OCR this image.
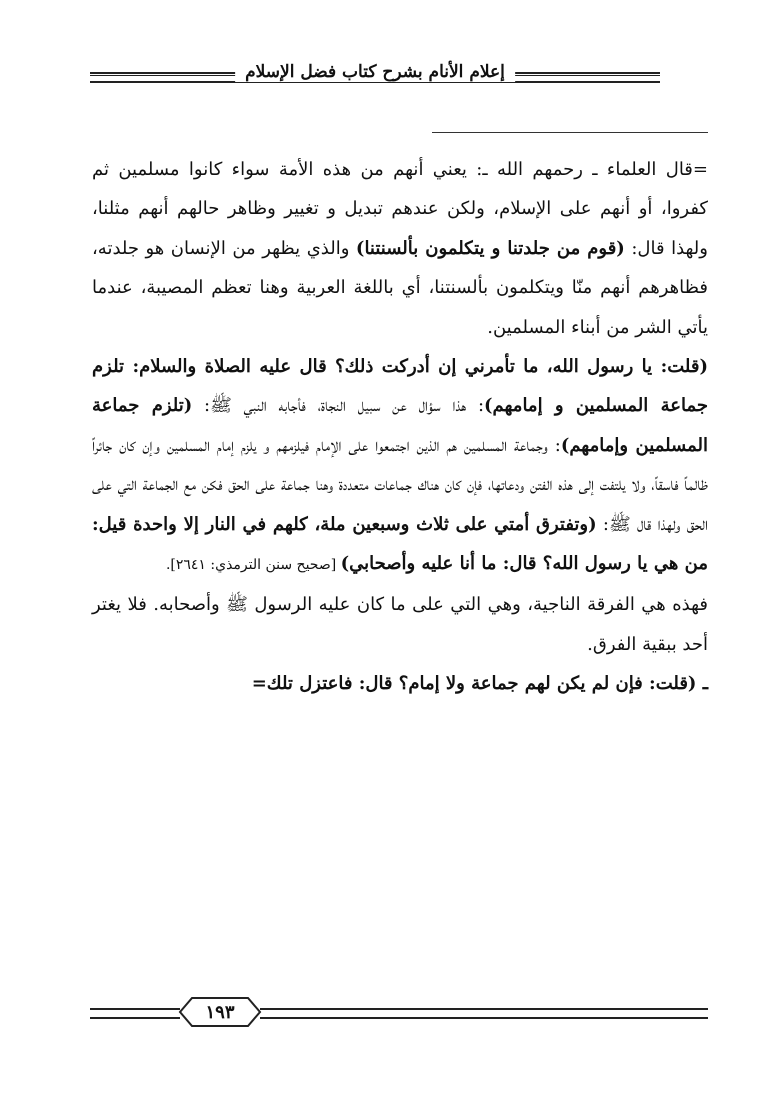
إعلام الأنام بشرح كتاب فضل الإسلام

=قال العلماء ـ رحمهم الله ـ: يعني أنهم من هذه الأمة سواء كانوا مسلمين ثم كفروا، أو أنهم على الإسلام، ولكن عندهم تبديل و تغيير وظاهر حالهم أنهم مثلنا، ولهذا قال: (قوم من جلدتنا و يتكلمون بألسنتنا) والذي يظهر من الإنسان هو جلدته، فظاهرهم أنهم منّا ويتكلمون بألسنتنا، أي باللغة العربية وهنا تعظم المصيبة، عندما يأتي الشر من أبناء المسلمين.

(قلت: يا رسول الله، ما تأمرني إن أدركت ذلك؟ قال عليه الصلاة والسلام: تلزم جماعة المسلمين و إمامهم): هذا سؤال عن سبيل النجاة، فأجابه النبي ﷺ: (تلزم جماعة المسلمين وإمامهم): وجماعة المسلمين هم الذين اجتمعوا على الإمام فيلزمهم و يلزم إمام المسلمين وإن كان جائراً ظالماً فاسقاً، ولا يلتفت إلى هذه الفتن ودعاتها، فإن كان هناك جماعات متعددة وهنا جماعة على الحق فكن مع الجماعة التي على الحق ولهذا قال ﷺ: (وتفترق أمتي على ثلاث وسبعين ملة، كلهم في النار إلا واحدة قيل: من هي يا رسول الله؟ قال: ما أنا عليه وأصحابي) [صحيح سنن الترمذي: ٢٦٤١].

فهذه هي الفرقة الناجية، وهي التي على ما كان عليه الرسول ﷺ وأصحابه. فلا يغتر أحد ببقية الفرق.

ـ (قلت: فإن لم يكن لهم جماعة ولا إمام؟ قال: فاعتزل تلك=

١٩٣
